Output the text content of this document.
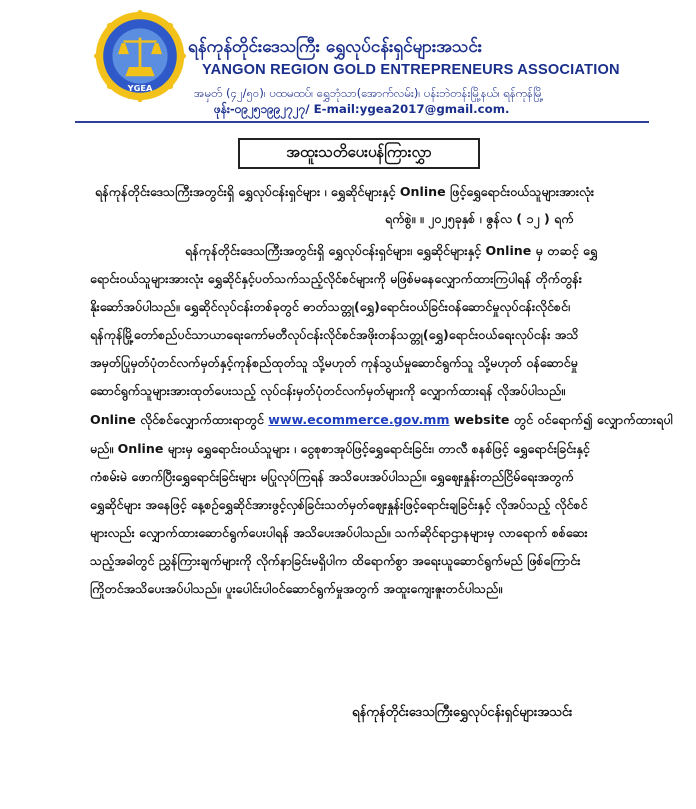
YGEA
ရန်ကုန်တိုင်းဒေသကြီး ရွှေလုပ်ငန်းရှင်များအသင်း
YANGON REGION GOLD ENTREPRENEURS ASSOCIATION
အမှတ် (၄၂/၅၀)၊ ပထမထပ်၊ ရွှေဘုံသာ(အောက်လမ်း)၊ ပန်းဘဲတန်းမြို့နယ်၊ ရန်ကုန်မြို့
ဖုန်း-၀၉၂၅၁၉၉၂၇၂၇/ E-mail:ygea2017@gmail.com.
အထူးသတိပေးပန်ကြားလွှာ
ရန်ကုန်တိုင်းဒေသကြီးအတွင်းရှိ ရွှေလုပ်ငန်းရှင်များ ၊ ရွှေဆိုင်များနှင့် Online ဖြင့်ရွှေရောင်းဝယ်သူများအားလုံး
ရက်စွဲ။ ။ ၂၀၂၅ခုနှစ် ၊ ဇွန်လ ( ၁၂ ) ရက်
ရန်ကုန်တိုင်းဒေသကြီးအတွင်းရှိ ရွှေလုပ်ငန်းရှင်များ၊ ရွှေဆိုင်များနှင့် Online မှ တဆင့် ရွှေ
ရောင်းဝယ်သူများအားလုံး ရွှေဆိုင်နှင့်ပတ်သက်သည့်လိုင်စင်များကို မဖြစ်မနေလျှောက်ထားကြပါရန် တိုက်တွန်း
နိုးဆော်အပ်ပါသည်။ ရွှေဆိုင်လုပ်ငန်းတစ်ခုတွင် ဓာတ်သတ္တု(ရွှေ)ရောင်းဝယ်ခြင်းဝန်ဆောင်မှုလုပ်ငန်းလိုင်စင်၊
ရန်ကုန်မြို့တော်စည်ပင်သာယာရေးကော်မတီလုပ်ငန်းလိုင်စင်အဖိုးတန်သတ္တု(ရွှေ)ရောင်းဝယ်ရေးလုပ်ငန်း အသိ
အမှတ်ပြုမှတ်ပုံတင်လက်မှတ်နှင့်ကုန်စည်ထုတ်သူ သို့မဟုတ် ကုန်သွယ်မှုဆောင်ရွက်သူ သို့မဟုတ် ဝန်ဆောင်မှု
ဆောင်ရွက်သူများအားထုတ်ပေးသည့် လုပ်ငန်းမှတ်ပုံတင်လက်မှတ်များကို လျှောက်ထားရန် လိုအပ်ပါသည်။
Online လိုင်စင်လျှောက်ထားရာတွင် www.ecommerce.gov.mm website တွင် ဝင်ရောက်၍ လျှောက်ထားရပါ
မည်။ Online များမှ ရွှေရောင်းဝယ်သူများ ၊ ငွေစုစာအုပ်ဖြင့်ရွှေရောင်းခြင်း၊ တာလီ စနစ်ဖြင့် ရွှေရောင်းခြင်းနှင့်
ကံစမ်းမဲ ဖောက်ပြီးရွှေရောင်းခြင်းများ မပြုလုပ်ကြရန် အသိပေးအပ်ပါသည်။ ရွှေဈေးနှုန်းတည်ငြိမ်ရေးအတွက်
ရွှေဆိုင်များ အနေဖြင့် နေ့စဉ်ရွှေဆိုင်အားဖွင့်လှစ်ခြင်းသတ်မှတ်ဈေးနှုန်းဖြင့်ရောင်းချခြင်းနှင့် လိုအပ်သည့် လိုင်စင်
များလည်း လျှောက်ထားဆောင်ရွက်ပေးပါရန် အသိပေးအပ်ပါသည်။ သက်ဆိုင်ရာဌာနများမှ လာရောက် စစ်ဆေး
သည့်အခါတွင် ညွှန်ကြားချက်များကို လိုက်နာခြင်းမရှိပါက ထိရောက်စွာ အရေးယူဆောင်ရွက်မည် ဖြစ်ကြောင်း
ကြိုတင်အသိပေးအပ်ပါသည်။ ပူးပေါင်းပါဝင်ဆောင်ရွက်မှုအတွက် အထူးကျေးဇူးတင်ပါသည်။
ရန်ကုန်တိုင်းဒေသကြီးရွှေလုပ်ငန်းရှင်များအသင်း
